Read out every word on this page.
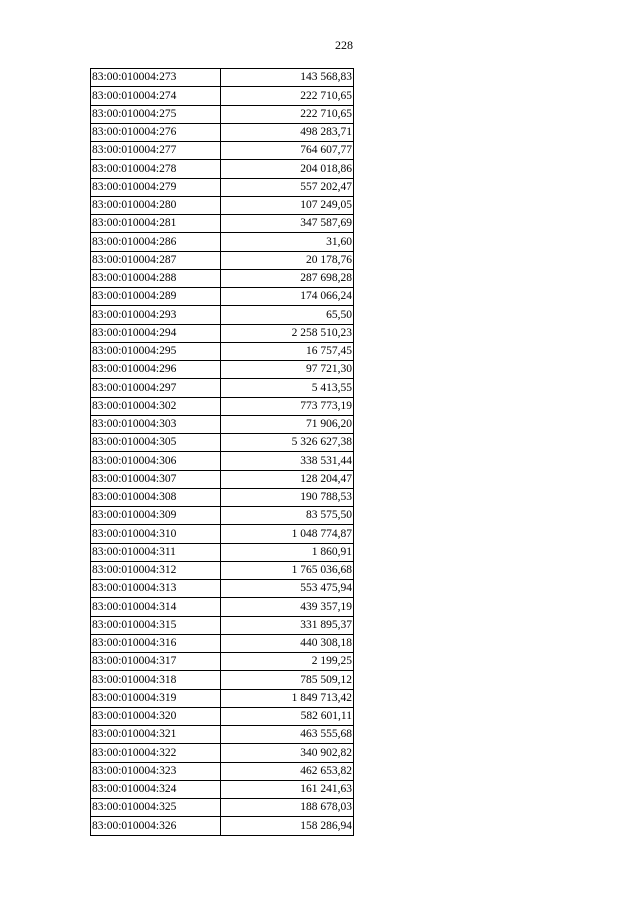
228
83:00:010004:273	143 568,83
83:00:010004:274	222 710,65
83:00:010004:275	222 710,65
83:00:010004:276	498 283,71
83:00:010004:277	764 607,77
83:00:010004:278	204 018,86
83:00:010004:279	557 202,47
83:00:010004:280	107 249,05
83:00:010004:281	347 587,69
83:00:010004:286	31,60
83:00:010004:287	20 178,76
83:00:010004:288	287 698,28
83:00:010004:289	174 066,24
83:00:010004:293	65,50
83:00:010004:294	2 258 510,23
83:00:010004:295	16 757,45
83:00:010004:296	97 721,30
83:00:010004:297	5 413,55
83:00:010004:302	773 773,19
83:00:010004:303	71 906,20
83:00:010004:305	5 326 627,38
83:00:010004:306	338 531,44
83:00:010004:307	128 204,47
83:00:010004:308	190 788,53
83:00:010004:309	83 575,50
83:00:010004:310	1 048 774,87
83:00:010004:311	1 860,91
83:00:010004:312	1 765 036,68
83:00:010004:313	553 475,94
83:00:010004:314	439 357,19
83:00:010004:315	331 895,37
83:00:010004:316	440 308,18
83:00:010004:317	2 199,25
83:00:010004:318	785 509,12
83:00:010004:319	1 849 713,42
83:00:010004:320	582 601,11
83:00:010004:321	463 555,68
83:00:010004:322	340 902,82
83:00:010004:323	462 653,82
83:00:010004:324	161 241,63
83:00:010004:325	188 678,03
83:00:010004:326	158 286,94
